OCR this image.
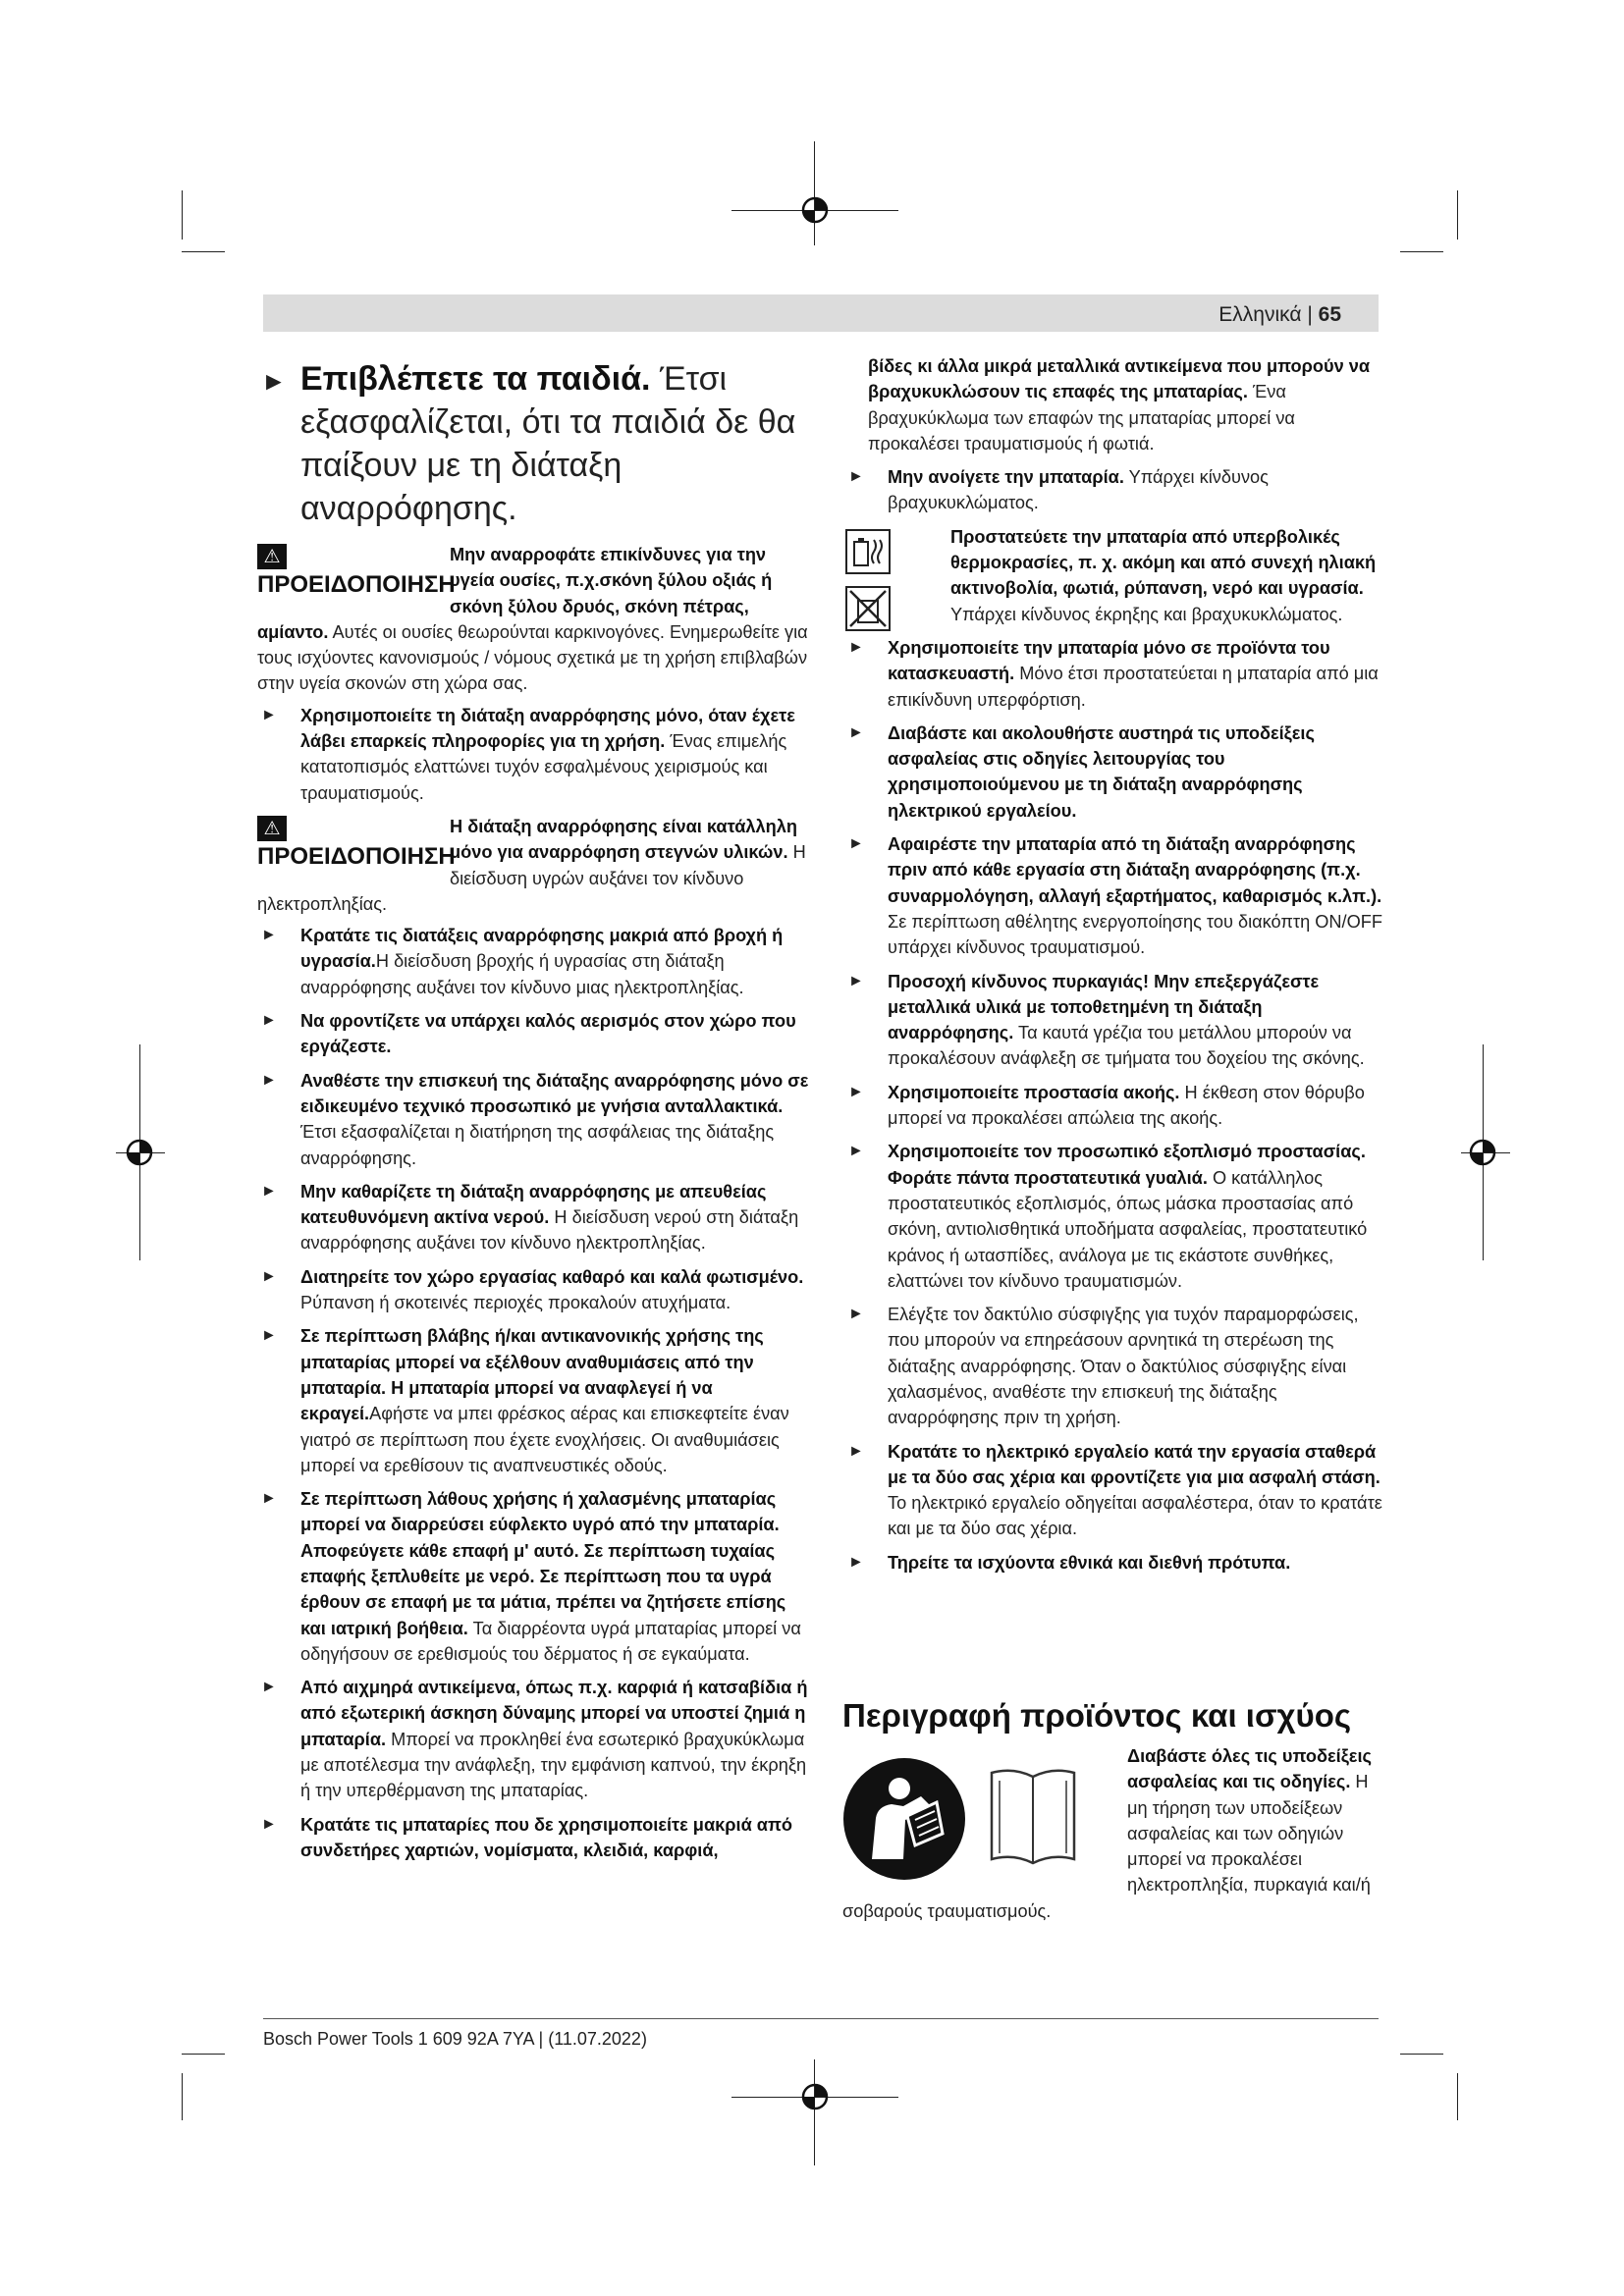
Ελληνικά | 65
► Επιβλέπετε τα παιδιά. Έτσι εξασφαλίζεται, ότι τα παιδιά δε θα παίξουν με τη διάταξη αναρρόφησης.
⚠ΠΡΟΕΙΔΟΠΟΙΗΣΗ
Μην αναρροφάτε επικίνδυνες για την υγεία ουσίες, π.χ.σκόνη ξύλου οξιάς ή σκόνη ξύλου δρυός, σκόνη πέτρας, αμίαντο. Αυτές οι ουσίες θεωρούνται καρκινογόνες. Ενημερωθείτε για τους ισχύοντες κανονισμούς / νόμους σχετικά με τη χρήση επιβλαβών στην υγεία σκονών στη χώρα σας.
► Χρησιμοποιείτε τη διάταξη αναρρόφησης μόνο, όταν έχετε λάβει επαρκείς πληροφορίες για τη χρήση. Ένας επιμελής κατατοπισμός ελαττώνει τυχόν εσφαλμένους χειρισμούς και τραυματισμούς.
⚠ΠΡΟΕΙΔΟΠΟΙΗΣΗ
Η διάταξη αναρρόφησης είναι κατάλληλη μόνο για αναρρόφηση στεγνών υλικών. Η διείσδυση υγρών αυξάνει τον κίνδυνο ηλεκτροπληξίας.
► Κρατάτε τις διατάξεις αναρρόφησης μακριά από βροχή ή υγρασία.Η διείσδυση βροχής ή υγρασίας στη διάταξη αναρρόφησης αυξάνει τον κίνδυνο μιας ηλεκτροπληξίας.
► Να φροντίζετε να υπάρχει καλός αερισμός στον χώρο που εργάζεστε.
► Αναθέστε την επισκευή της διάταξης αναρρόφησης μόνο σε ειδικευμένο τεχνικό προσωπικό με γνήσια ανταλλακτικά. Έτσι εξασφαλίζεται η διατήρηση της ασφάλειας της διάταξης αναρρόφησης.
► Μην καθαρίζετε τη διάταξη αναρρόφησης με απευθείας κατευθυνόμενη ακτίνα νερού. Η διείσδυση νερού στη διάταξη αναρρόφησης αυξάνει τον κίνδυνο ηλεκτροπληξίας.
► Διατηρείτε τον χώρο εργασίας καθαρό και καλά φωτισμένο. Ρύπανση ή σκοτεινές περιοχές προκαλούν ατυχήματα.
► Σε περίπτωση βλάβης ή/και αντικανονικής χρήσης της μπαταρίας μπορεί να εξέλθουν αναθυμιάσεις από την μπαταρία. Η μπαταρία μπορεί να αναφλεγεί ή να εκραγεί.Αφήστε να μπει φρέσκος αέρας και επισκεφτείτε έναν γιατρό σε περίπτωση που έχετε ενοχλήσεις. Οι αναθυμιάσεις μπορεί να ερεθίσουν τις αναπνευστικές οδούς.
► Σε περίπτωση λάθους χρήσης ή χαλασμένης μπαταρίας μπορεί να διαρρεύσει εύφλεκτο υγρό από την μπαταρία. Αποφεύγετε κάθε επαφή μ' αυτό. Σε περίπτωση τυχαίας επαφής ξεπλυθείτε με νερό. Σε περίπτωση που τα υγρά έρθουν σε επαφή με τα μάτια, πρέπει να ζητήσετε επίσης και ιατρική βοήθεια. Τα διαρρέοντα υγρά μπαταρίας μπορεί να οδηγήσουν σε ερεθισμούς του δέρματος ή σε εγκαύματα.
► Από αιχμηρά αντικείμενα, όπως π.χ. καρφιά ή κατσαβίδια ή από εξωτερική άσκηση δύναμης μπορεί να υποστεί ζημιά η μπαταρία. Μπορεί να προκληθεί ένα εσωτερικό βραχυκύκλωμα με αποτέλεσμα την ανάφλεξη, την εμφάνιση καπνού, την έκρηξη ή την υπερθέρμανση της μπαταρίας.
► Κρατάτε τις μπαταρίες που δε χρησιμοποιείτε μακριά από συνδετήρες χαρτιών, νομίσματα, κλειδιά, καρφιά,
βίδες κι άλλα μικρά μεταλλικά αντικείμενα που μπορούν να βραχυκυκλώσουν τις επαφές της μπαταρίας. Ένα βραχυκύκλωμα των επαφών της μπαταρίας μπορεί να προκαλέσει τραυματισμούς ή φωτιά.
► Μην ανοίγετε την μπαταρία. Υπάρχει κίνδυνος βραχυκυκλώματος.
Προστατεύετε την μπαταρία από υπερβολικές θερμοκρασίες, π. χ. ακόμη και από συνεχή ηλιακή ακτινοβολία, φωτιά, ρύπανση, νερό και υγρασία. Υπάρχει κίνδυνος έκρηξης και βραχυκυκλώματος.
► Χρησιμοποιείτε την μπαταρία μόνο σε προϊόντα του κατασκευαστή. Μόνο έτσι προστατεύεται η μπαταρία από μια επικίνδυνη υπερφόρτιση.
► Διαβάστε και ακολουθήστε αυστηρά τις υποδείξεις ασφαλείας στις οδηγίες λειτουργίας του χρησιμοποιούμενου με τη διάταξη αναρρόφησης ηλεκτρικού εργαλείου.
► Αφαιρέστε την μπαταρία από τη διάταξη αναρρόφησης πριν από κάθε εργασία στη διάταξη αναρρόφησης (π.χ. συναρμολόγηση, αλλαγή εξαρτήματος, καθαρισμός κ.λπ.). Σε περίπτωση αθέλητης ενεργοποίησης του διακόπτη ON/OFF υπάρχει κίνδυνος τραυματισμού.
► Προσοχή κίνδυνος πυρκαγιάς! Μην επεξεργάζεστε μεταλλικά υλικά με τοποθετημένη τη διάταξη αναρρόφησης. Τα καυτά γρέζια του μετάλλου μπορούν να προκαλέσουν ανάφλεξη σε τμήματα του δοχείου της σκόνης.
► Χρησιμοποιείτε προστασία ακοής. Η έκθεση στον θόρυβο μπορεί να προκαλέσει απώλεια της ακοής.
► Χρησιμοποιείτε τον προσωπικό εξοπλισμό προστασίας. Φοράτε πάντα προστατευτικά γυαλιά. Ο κατάλληλος προστατευτικός εξοπλισμός, όπως μάσκα προστασίας από σκόνη, αντιολισθητικά υποδήματα ασφαλείας, προστατευτικό κράνος ή ωτασπίδες, ανάλογα με τις εκάστοτε συνθήκες, ελαττώνει τον κίνδυνο τραυματισμών.
► Ελέγξτε τον δακτύλιο σύσφιγξης για τυχόν παραμορφώσεις, που μπορούν να επηρεάσουν αρνητικά τη στερέωση της διάταξης αναρρόφησης. Όταν ο δακτύλιος σύσφιγξης είναι χαλασμένος, αναθέστε την επισκευή της διάταξης αναρρόφησης πριν τη χρήση.
► Κρατάτε το ηλεκτρικό εργαλείο κατά την εργασία σταθερά με τα δύο σας χέρια και φροντίζετε για μια ασφαλή στάση. Το ηλεκτρικό εργαλείο οδηγείται ασφαλέστερα, όταν το κρατάτε και με τα δύο σας χέρια.
► Τηρείτε τα ισχύοντα εθνικά και διεθνή πρότυπα.
Περιγραφή προϊόντος και ισχύος
Διαβάστε όλες τις υποδείξεις ασφαλείας και τις οδηγίες. Η μη τήρηση των υποδείξεων ασφαλείας και των οδηγιών μπορεί να προκαλέσει ηλεκτροπληξία, πυρκαγιά και/ή σοβαρούς τραυματισμούς.
Bosch Power Tools 1 609 92A 7YA | (11.07.2022)
